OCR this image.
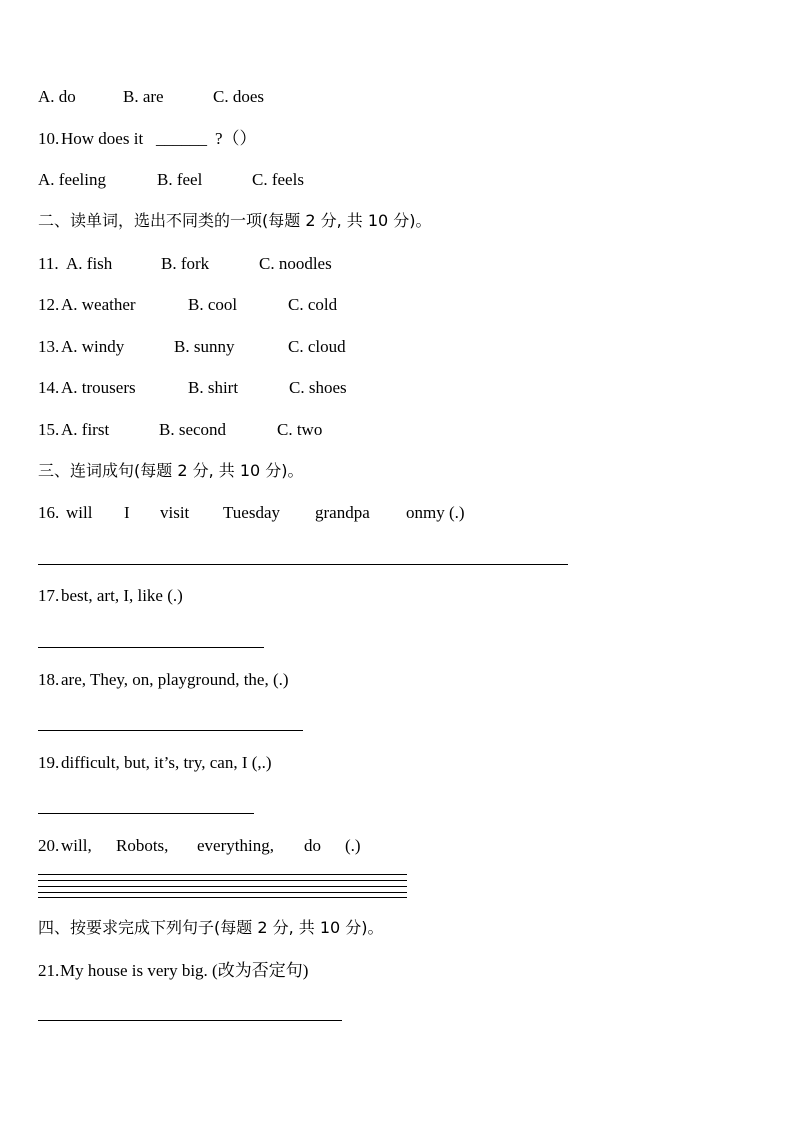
A. do	B. are	C. does
10. How does it ______ ?（）
A. feeling	B. feel	C. feels
二、读单词，选出不同类的一项(每题 2 分, 共 10 分)。
11. A. fish	B. fork	C. noodles
12. A. weather	B. cool	C. cold
13. A. windy	B. sunny	C. cloud
14. A. trousers	B. shirt	C. shoes
15. A. first	B. second	C. two
三、连词成句(每题 2 分, 共 10 分)。
16. will I visit Tuesday grandpa onmy (.)
17. best, art, I, like (.)
18. are, They, on, playground, the, (.)
19. difficult, but, it’s, try, can, I (,.)
20. will, Robots, everything, do (.)
四、按要求完成下列句子(每题 2 分, 共 10 分)。
21. My house is very big. (改为否定句)
